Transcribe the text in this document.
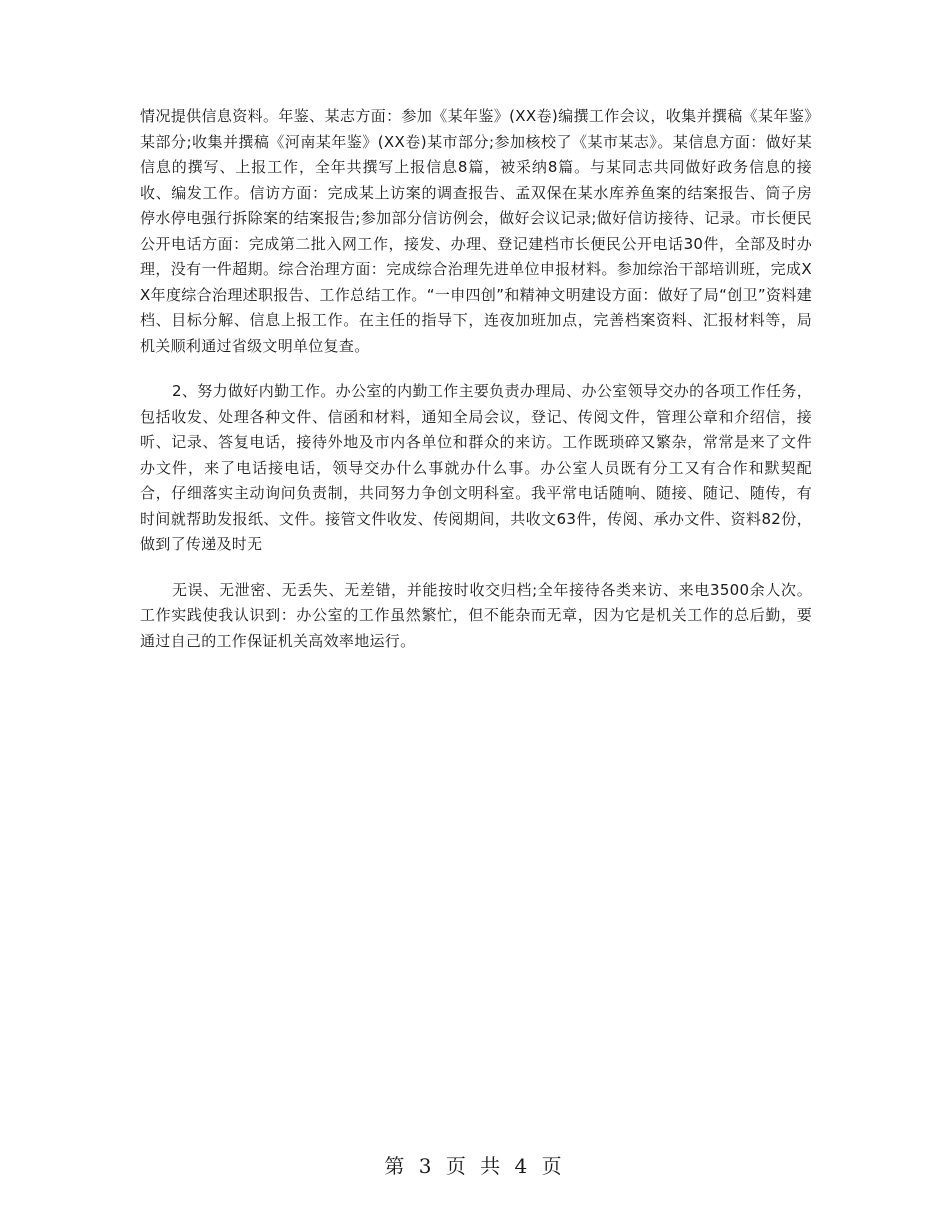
情况提供信息资料。年鉴、某志方面：参加《某年鉴》(XX卷)编撰工作会议，收集并撰稿《某年鉴》某部分;收集并撰稿《河南某年鉴》(XX卷)某市部分;参加核校了《某市某志》。某信息方面：做好某信息的撰写、上报工作，全年共撰写上报信息8篇，被采纳8篇。与某同志共同做好政务信息的接收、编发工作。信访方面：完成某上访案的调查报告、孟双保在某水库养鱼案的结案报告、筒子房停水停电强行拆除案的结案报告;参加部分信访例会，做好会议记录;做好信访接待、记录。市长便民公开电话方面：完成第二批入网工作，接发、办理、登记建档市长便民公开电话30件，全部及时办理，没有一件超期。综合治理方面：完成综合治理先进单位申报材料。参加综治干部培训班，完成XX年度综合治理述职报告、工作总结工作。“一申四创”和精神文明建设方面：做好了局“创卫”资料建档、目标分解、信息上报工作。在主任的指导下，连夜加班加点，完善档案资料、汇报材料等，局机关顺利通过省级文明单位复查。

2、努力做好内勤工作。办公室的内勤工作主要负责办理局、办公室领导交办的各项工作任务，包括收发、处理各种文件、信函和材料，通知全局会议，登记、传阅文件，管理公章和介绍信，接听、记录、答复电话，接待外地及市内各单位和群众的来访。工作既琐碎又繁杂，常常是来了文件办文件，来了电话接电话，领导交办什么事就办什么事。办公室人员既有分工又有合作和默契配合，仔细落实主动询问负责制，共同努力争创文明科室。我平常电话随响、随接、随记、随传，有时间就帮助发报纸、文件。接管文件收发、传阅期间，共收文63件，传阅、承办文件、资料82份，做到了传递及时无

无误、无泄密、无丢失、无差错，并能按时收交归档;全年接待各类来访、来电3500余人次。工作实践使我认识到：办公室的工作虽然繁忙，但不能杂而无章，因为它是机关工作的总后勤，要通过自己的工作保证机关高效率地运行。

第 3 页 共 4 页
